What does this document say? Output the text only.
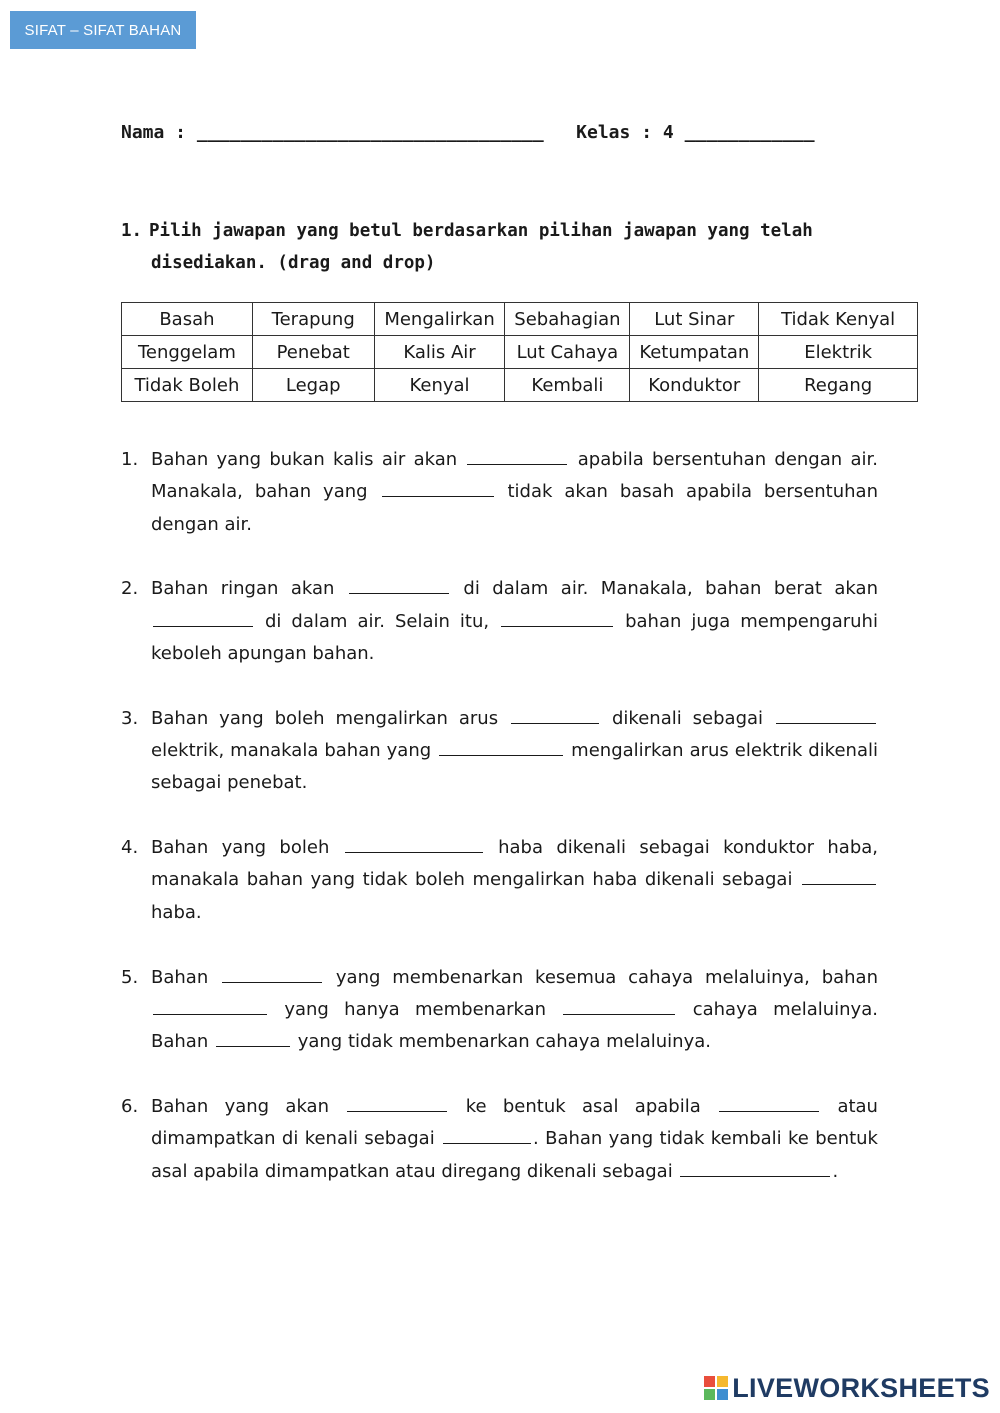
SIFAT – SIFAT BAHAN
Nama : ________________________________ Kelas : 4 ____________
1. Pilih jawapan yang betul berdasarkan pilihan jawapan yang telah
disediakan. (drag and drop)
Basah	Terapung	Mengalirkan	Sebahagian	Lut Sinar	Tidak Kenyal
Tenggelam	Penebat	Kalis Air	Lut Cahaya	Ketumpatan	Elektrik
Tidak Boleh	Legap	Kenyal	Kembali	Konduktor	Regang
1. Bahan yang bukan kalis air akan	apabila bersentuhan dengan air. Manakala, bahan yang	tidak akan basah apabila bersentuhan dengan air.
2. Bahan ringan akan	di dalam air. Manakala, bahan berat akan  di dalam air. Selain itu,	bahan juga mempengaruhi keboleh apungan bahan.
3. Bahan yang boleh mengalirkan arus	dikenali sebagai  elektrik, manakala bahan yang	mengalirkan arus elektrik dikenali sebagai penebat.
4. Bahan yang boleh	haba dikenali sebagai konduktor haba, manakala bahan yang tidak boleh mengalirkan haba dikenali sebagai  haba.
5. Bahan	yang membenarkan kesemua cahaya melaluinya, bahan  yang hanya membenarkan	cahaya melaluinya. Bahan	yang tidak membenarkan cahaya melaluinya.
6. Bahan yang akan	ke bentuk asal apabila	atau dimampatkan di kenali sebagai	. Bahan yang tidak kembali ke bentuk asal apabila dimampatkan atau diregang dikenali sebagai	.
LIVEWORKSHEETS
